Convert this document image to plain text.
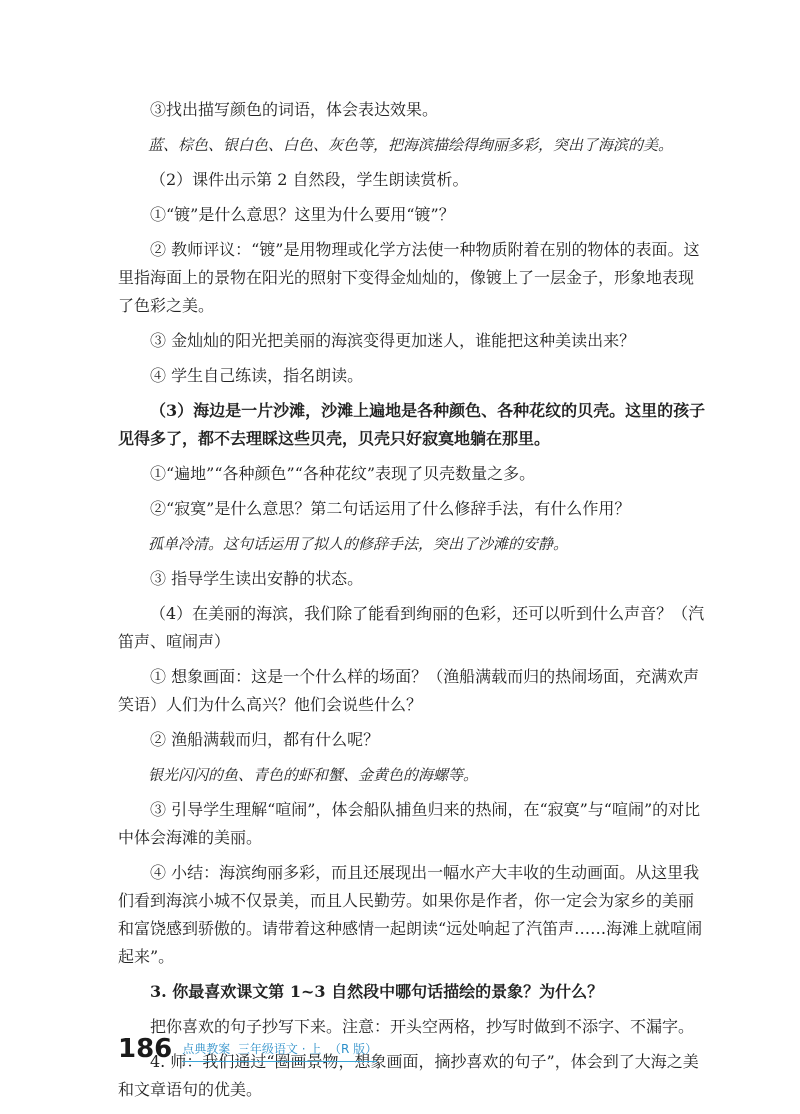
③找出描写颜色的词语，体会表达效果。

蓝、棕色、银白色、白色、灰色等，把海滨描绘得绚丽多彩，突出了海滨的美。

（2）课件出示第 2 自然段，学生朗读赏析。

①“镀”是什么意思？这里为什么要用“镀”？

② 教师评议：“镀”是用物理或化学方法使一种物质附着在别的物体的表面。这里指海面上的景物在阳光的照射下变得金灿灿的，像镀上了一层金子，形象地表现了色彩之美。

③ 金灿灿的阳光把美丽的海滨变得更加迷人，谁能把这种美读出来？

④ 学生自己练读，指名朗读。

（3）海边是一片沙滩，沙滩上遍地是各种颜色、各种花纹的贝壳。这里的孩子见得多了，都不去理睬这些贝壳，贝壳只好寂寞地躺在那里。

①“遍地”“各种颜色”“各种花纹”表现了贝壳数量之多。

②“寂寞”是什么意思？第二句话运用了什么修辞手法，有什么作用？

孤单冷清。这句话运用了拟人的修辞手法，突出了沙滩的安静。

③ 指导学生读出安静的状态。

（4）在美丽的海滨，我们除了能看到绚丽的色彩，还可以听到什么声音？（汽笛声、喧闹声）

① 想象画面：这是一个什么样的场面？（渔船满载而归的热闹场面，充满欢声笑语）人们为什么高兴？他们会说些什么？

② 渔船满载而归，都有什么呢？

银光闪闪的鱼、青色的虾和蟹、金黄色的海螺等。

③ 引导学生理解“喧闹”，体会船队捕鱼归来的热闹，在“寂寞”与“喧闹”的对比中体会海滩的美丽。

④ 小结：海滨绚丽多彩，而且还展现出一幅水产大丰收的生动画面。从这里我们看到海滨小城不仅景美，而且人民勤劳。如果你是作者，你一定会为家乡的美丽和富饶感到骄傲的。请带着这种感情一起朗读“远处响起了汽笛声……海滩上就喧闹起来”。

3. 你最喜欢课文第 1~3 自然段中哪句话描绘的景象？为什么？

把你喜欢的句子抄写下来。注意：开头空两格，抄写时做到不添字、不漏字。

4. 师：我们通过“圈画景物，想象画面，摘抄喜欢的句子”，体会到了大海之美和文章语句的优美。

186 点典教案  三年级语文 · 上  （R 版）
